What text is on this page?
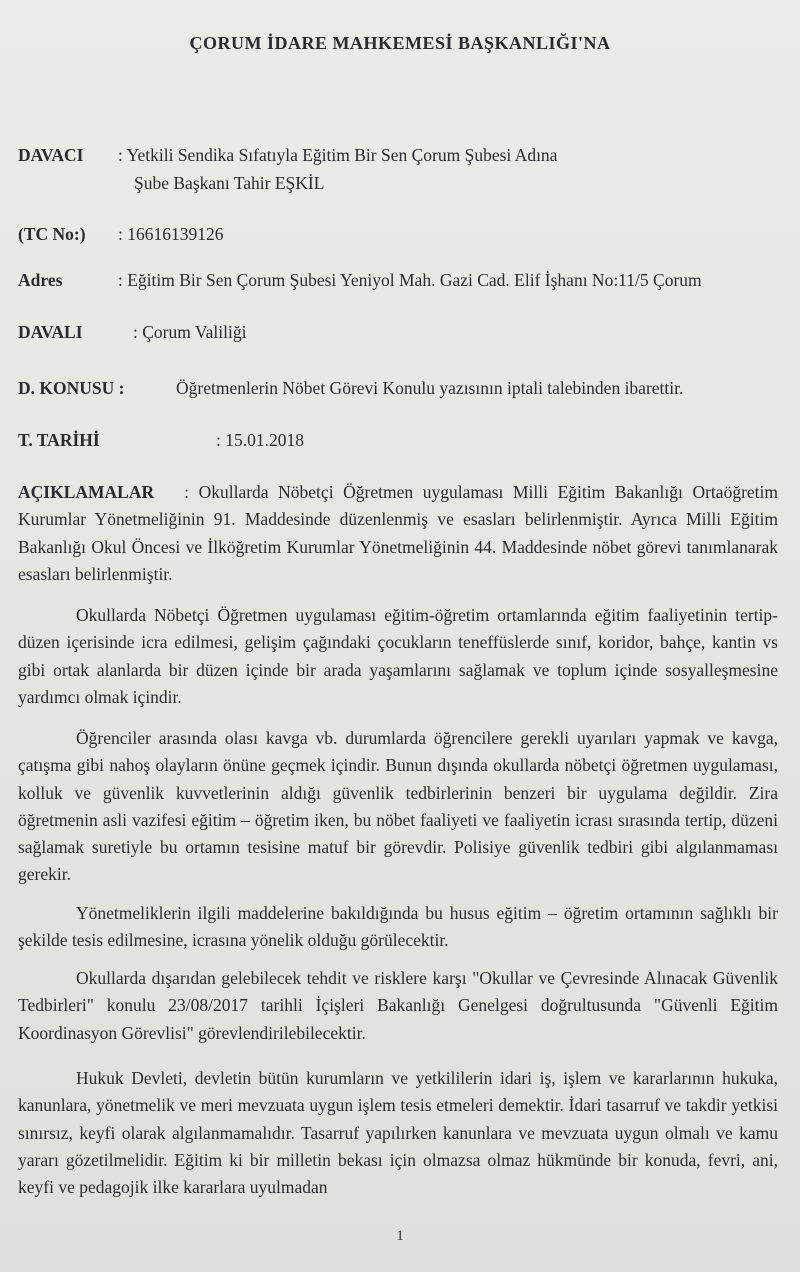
ÇORUM İDARE MAHKEMESİ BAŞKANLIĞI'NA
DAVACI : Yetkili Sendika Sıfatıyla Eğitim Bir Sen Çorum Şubesi Adına
Şube Başkanı Tahir EŞKİL
(TC No:) : 16616139126
Adres	: Eğitim Bir Sen Çorum Şubesi Yeniyol Mah. Gazi Cad. Elif İşhanı No:11/5 Çorum
DAVALI	: Çorum Valiliği
D. KONUSU :	Öğretmenlerin Nöbet Görevi Konulu yazısının iptali talebinden ibarettir.
T. TARİHİ	: 15.01.2018
AÇIKLAMALAR : Okullarda Nöbetçi Öğretmen uygulaması Milli Eğitim Bakanlığı Ortaöğretim Kurumlar Yönetmeliğinin 91. Maddesinde düzenlenmiş ve esasları belirlenmiştir. Ayrıca Milli Eğitim Bakanlığı Okul Öncesi ve İlköğretim Kurumlar Yönetmeliğinin 44. Maddesinde nöbet görevi tanımlanarak esasları belirlenmiştir.
Okullarda Nöbetçi Öğretmen uygulaması eğitim-öğretim ortamlarında eğitim faaliyetinin tertip-düzen içerisinde icra edilmesi, gelişim çağındaki çocukların teneffüslerde sınıf, koridor, bahçe, kantin vs gibi ortak alanlarda bir düzen içinde bir arada yaşamlarını sağlamak ve toplum içinde sosyalleşmesine yardımcı olmak içindir.
Öğrenciler arasında olası kavga vb. durumlarda öğrencilere gerekli uyarıları yapmak ve kavga, çatışma gibi nahoş olayların önüne geçmek içindir. Bunun dışında okullarda nöbetçi öğretmen uygulaması, kolluk ve güvenlik kuvvetlerinin aldığı güvenlik tedbirlerinin benzeri bir uygulama değildir. Zira öğretmenin asli vazifesi eğitim – öğretim iken, bu nöbet faaliyeti ve faaliyetin icrası sırasında tertip, düzeni sağlamak suretiyle bu ortamın tesisine matuf bir görevdir. Polisiye güvenlik tedbiri gibi algılanmaması gerekir.
Yönetmeliklerin ilgili maddelerine bakıldığında bu husus eğitim – öğretim ortamının sağlıklı bir şekilde tesis edilmesine, icrasına yönelik olduğu görülecektir.
Okullarda dışarıdan gelebilecek tehdit ve risklere karşı "Okullar ve Çevresinde Alınacak Güvenlik Tedbirleri" konulu 23/08/2017 tarihli İçişleri Bakanlığı Genelgesi doğrultusunda "Güvenli Eğitim Koordinasyon Görevlisi" görevlendirilebilecektir.
Hukuk Devleti, devletin bütün kurumların ve yetkililerin idari iş, işlem ve kararlarının hukuka, kanunlara, yönetmelik ve meri mevzuata uygun işlem tesis etmeleri demektir. İdari tasarruf ve takdir yetkisi sınırsız, keyfi olarak algılanmamalıdır. Tasarruf yapılırken kanunlara ve mevzuata uygun olmalı ve kamu yararı gözetilmelidir. Eğitim ki bir milletin bekası için olmazsa olmaz hükmünde bir konuda, fevri, ani, keyfi ve pedagojik ilke kararlara uyulmadan
1
